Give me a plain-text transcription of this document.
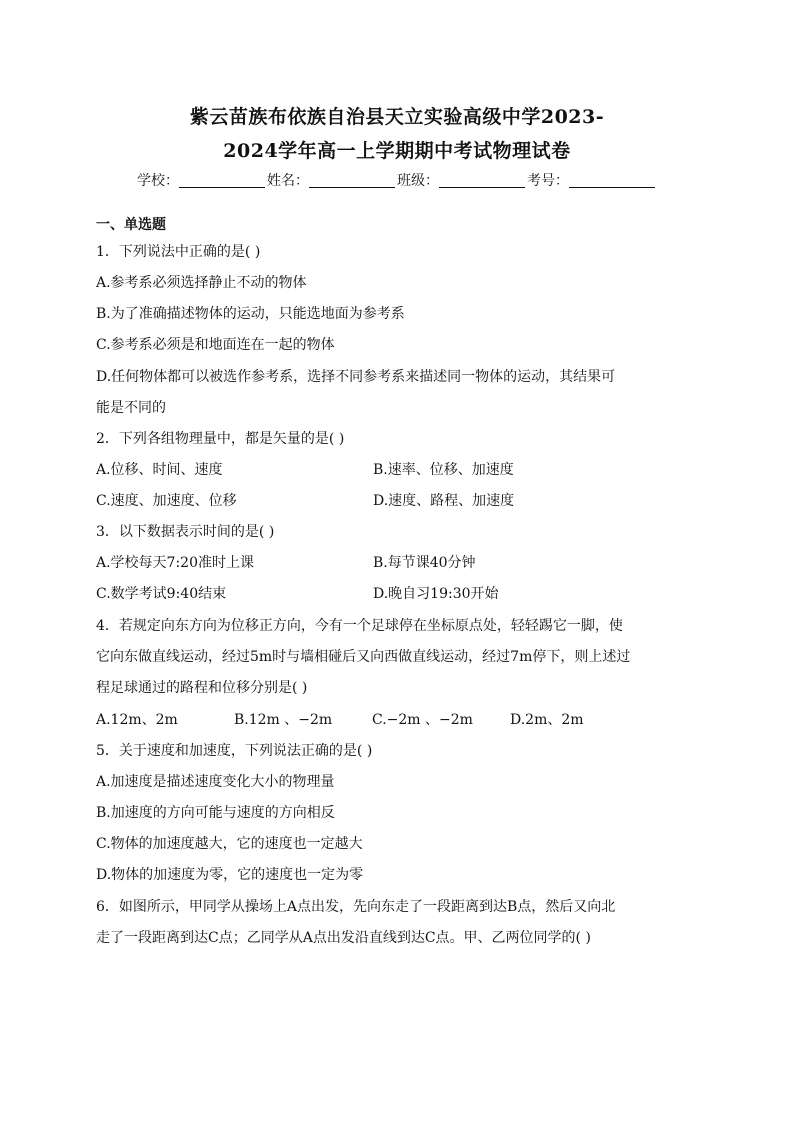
紫云苗族布依族自治县天立实验高级中学2023-
2024学年高一上学期期中考试物理试卷
学校：	姓名：	班级：	考号：
一、单选题
1．下列说法中正确的是( )
A.参考系必须选择静止不动的物体
B.为了准确描述物体的运动，只能选地面为参考系
C.参考系必须是和地面连在一起的物体
D.任何物体都可以被选作参考系，选择不同参考系来描述同一物体的运动，其结果可
能是不同的
2．下列各组物理量中，都是矢量的是( )
A.位移、时间、速度	B.速率、位移、加速度
C.速度、加速度、位移	D.速度、路程、加速度
3．以下数据表示时间的是( )
A.学校每天7:20准时上课	B.每节课40分钟
C.数学考试9:40结束	D.晚自习19:30开始
4．若规定向东方向为位移正方向，今有一个足球停在坐标原点处，轻轻踢它一脚，使
它向东做直线运动，经过5m时与墙相碰后又向西做直线运动，经过7m停下，则上述过
程足球通过的路程和位移分别是( )
A.12m、2m	B.12m 、−2m	C.−2m 、−2m	D.2m、2m
5．关于速度和加速度，下列说法正确的是( )
A.加速度是描述速度变化大小的物理量
B.加速度的方向可能与速度的方向相反
C.物体的加速度越大，它的速度也一定越大
D.物体的加速度为零，它的速度也一定为零
6．如图所示，甲同学从操场上A点出发，先向东走了一段距离到达B点，然后又向北
走了一段距离到达C点；乙同学从A点出发沿直线到达C点。甲、乙两位同学的( )
